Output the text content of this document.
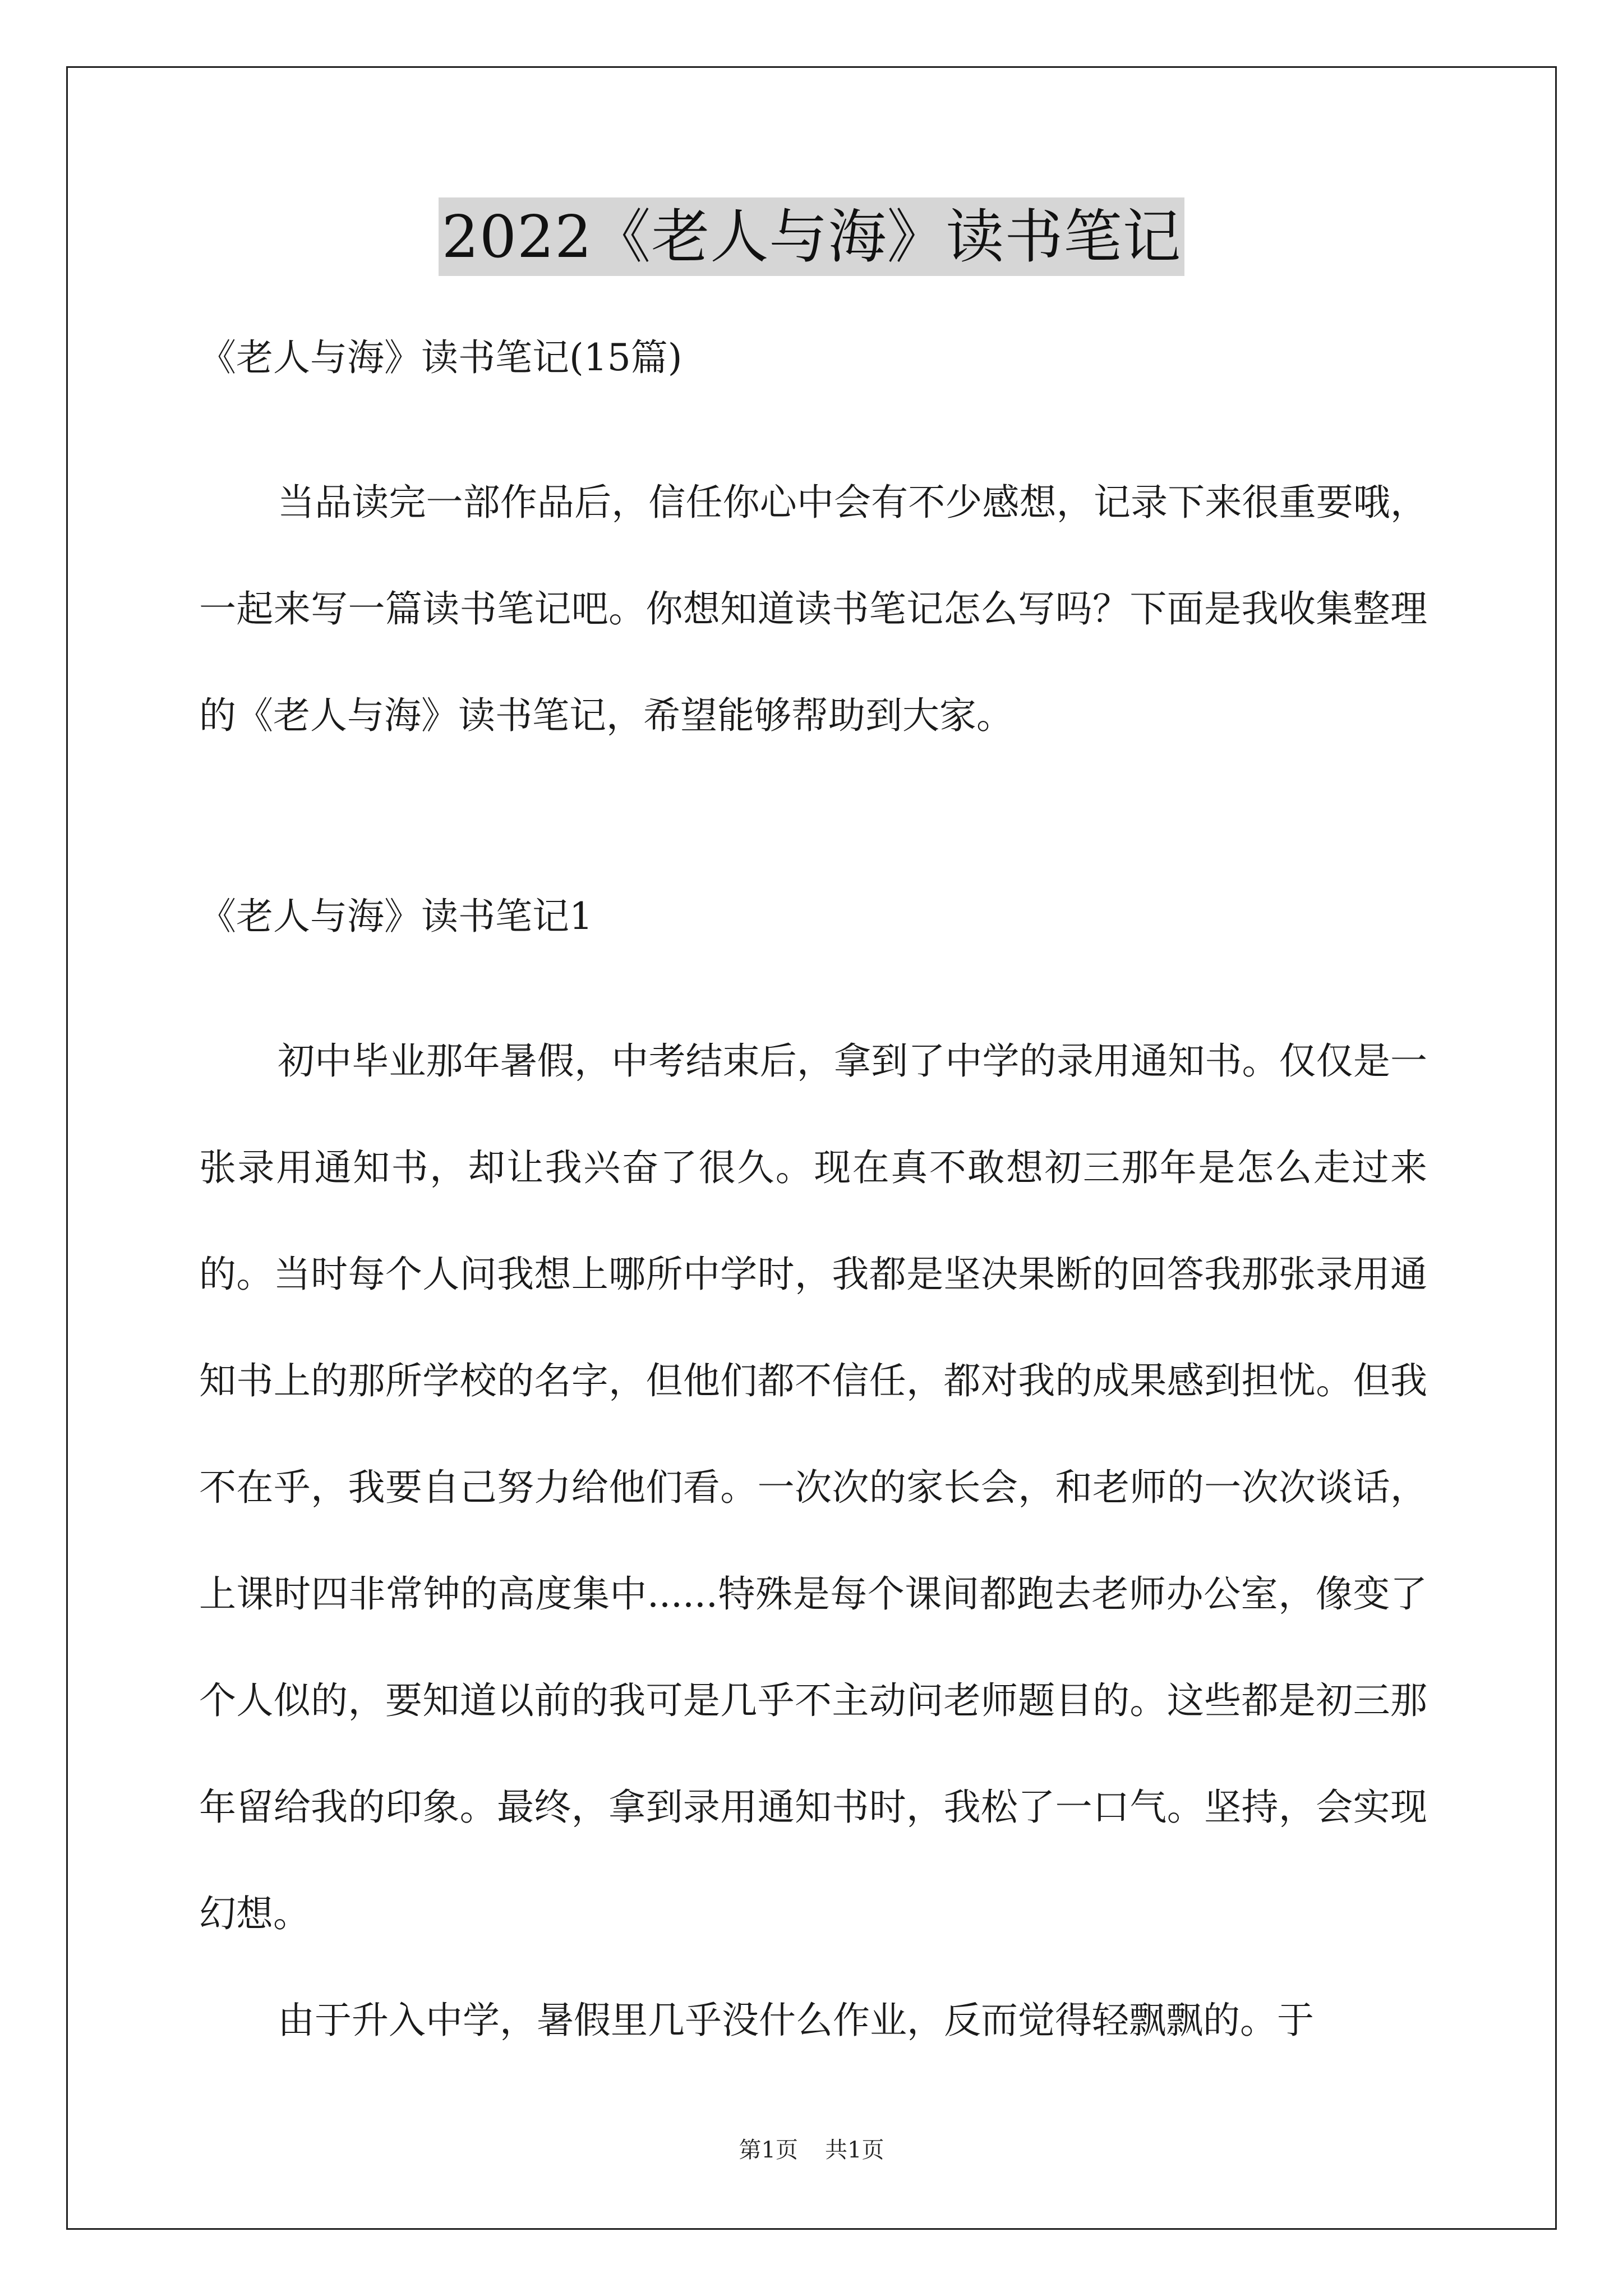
2022《老人与海》读书笔记

《老人与海》读书笔记(15篇)

当品读完一部作品后，信任你心中会有不少感想，记录下来很重要哦，一起来写一篇读书笔记吧。你想知道读书笔记怎么写吗？下面是我收集整理的《老人与海》读书笔记，希望能够帮助到大家。

《老人与海》读书笔记1

初中毕业那年暑假，中考结束后，拿到了中学的录用通知书。仅仅是一张录用通知书，却让我兴奋了很久。现在真不敢想初三那年是怎么走过来的。当时每个人问我想上哪所中学时，我都是坚决果断的回答我那张录用通知书上的那所学校的名字，但他们都不信任，都对我的成果感到担忧。但我不在乎，我要自己努力给他们看。一次次的家长会，和老师的一次次谈话，上课时四非常钟的高度集中......特殊是每个课间都跑去老师办公室，像变了个人似的，要知道以前的我可是几乎不主动问老师题目的。这些都是初三那年留给我的印象。最终，拿到录用通知书时，我松了一口气。坚持，会实现幻想。

由于升入中学，暑假里几乎没什么作业，反而觉得轻飘飘的。于

第1页 共1页
